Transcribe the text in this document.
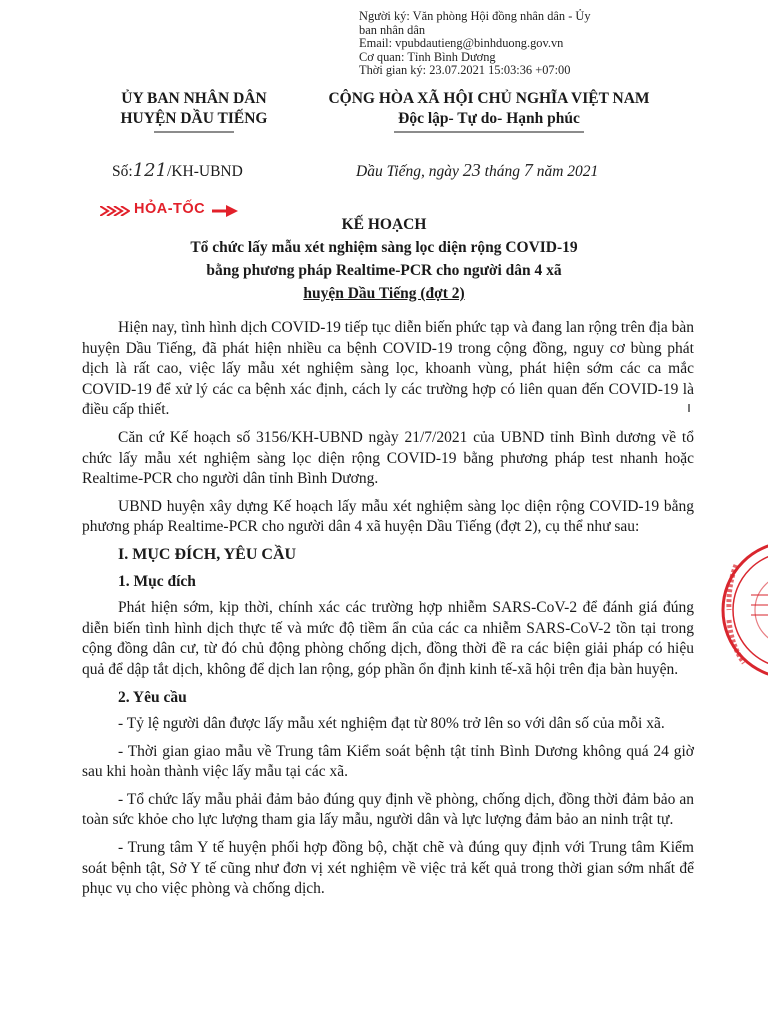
Người ký: Văn phòng Hội đồng nhân dân - Ủy
ban nhân dân
Email: vpubdautieng@binhduong.gov.vn
Cơ quan: Tỉnh Bình Dương
Thời gian ký: 23.07.2021 15:03:36 +07:00
ỦY BAN NHÂN DÂN
HUYỆN DẦU TIẾNG
CỘNG HÒA XÃ HỘI CHỦ NGHĨA VIỆT NAM
Độc lập- Tự do- Hạnh phúc
Số:121/KH-UBND	Dầu Tiếng, ngày 23 tháng 7 năm 2021
HỎA-TỐC
KẾ HOẠCH
Tổ chức lấy mẫu xét nghiệm sàng lọc diện rộng COVID-19
bằng phương pháp Realtime-PCR cho người dân 4 xã
huyện Dầu Tiếng (đợt 2)

Hiện nay, tình hình dịch COVID-19 tiếp tục diễn biến phức tạp và đang lan rộng trên địa bàn huyện Dầu Tiếng, đã phát hiện nhiều ca bệnh COVID-19 trong cộng đồng, nguy cơ bùng phát dịch là rất cao, việc lấy mẫu xét nghiệm sàng lọc, khoanh vùng, phát hiện sớm các ca mắc COVID-19 để xử lý các ca bệnh xác định, cách ly các trường hợp có liên quan đến COVID-19 là điều cấp thiết.

Căn cứ Kế hoạch số 3156/KH-UBND ngày 21/7/2021 của UBND tỉnh Bình dương về tổ chức lấy mẫu xét nghiệm sàng lọc diện rộng COVID-19 bằng phương pháp test nhanh hoặc Realtime-PCR cho người dân tỉnh Bình Dương.

UBND huyện xây dựng Kế hoạch lấy mẫu xét nghiệm sàng lọc diện rộng COVID-19 bằng phương pháp Realtime-PCR cho người dân 4 xã huyện Dầu Tiếng (đợt 2), cụ thể như sau:

I. MỤC ĐÍCH, YÊU CẦU
1. Mục đích

Phát hiện sớm, kịp thời, chính xác các trường hợp nhiễm SARS-CoV-2 để đánh giá đúng diễn biến tình hình dịch thực tế và mức độ tiềm ẩn của các ca nhiễm SARS-CoV-2 tồn tại trong cộng đồng dân cư, từ đó chủ động phòng chống dịch, đồng thời đề ra các biện giải pháp có hiệu quả để dập tắt dịch, không để dịch lan rộng, góp phần ổn định kinh tế-xã hội trên địa bàn huyện.

2. Yêu cầu

- Tỷ lệ người dân được lấy mẫu xét nghiệm đạt từ 80% trở lên so với dân số của mỗi xã.

- Thời gian giao mẫu về Trung tâm Kiểm soát bệnh tật tỉnh Bình Dương không quá 24 giờ sau khi hoàn thành việc lấy mẫu tại các xã.

- Tổ chức lấy mẫu phải đảm bảo đúng quy định về phòng, chống dịch, đồng thời đảm bảo an toàn sức khỏe cho lực lượng tham gia lấy mẫu, người dân và lực lượng đảm bảo an ninh trật tự.

- Trung tâm Y tế huyện phối hợp đồng bộ, chặt chẽ và đúng quy định với Trung tâm Kiểm soát bệnh tật, Sở Y tế cũng như đơn vị xét nghiệm về việc trả kết quả trong thời gian sớm nhất để phục vụ cho việc phòng và chống dịch.
